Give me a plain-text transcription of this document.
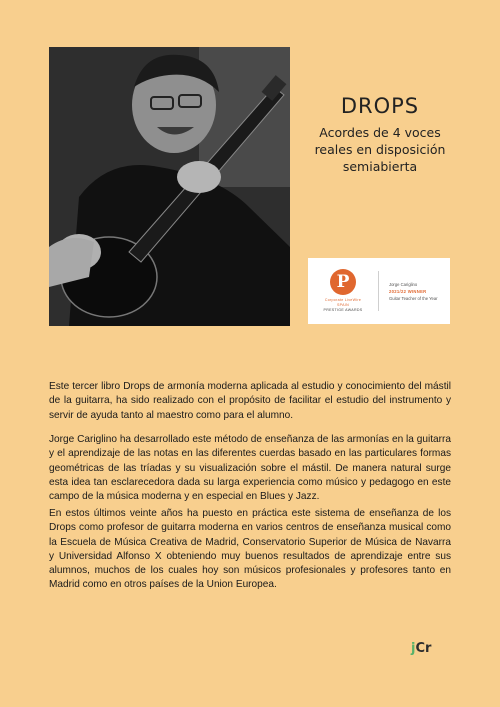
DROPS
Acordes de 4 voces reales en disposición semiabierta
P
Corporate LiveWire
SPAIN
PRESTIGE AWARDS
Jorge Cariglino
2021/22 WINNER
Guitar Teacher of the Year

Este tercer libro Drops de armonía moderna aplicada al estudio y conocimiento del mástil de la guitarra, ha sido realizado con el propósito de facilitar el estudio del instrumento y servir de ayuda tanto al maestro como para el alumno.

Jorge Cariglino ha desarrollado este método de enseñanza de las armonías en la guitarra y el aprendizaje de las notas en las diferentes cuerdas basado en las particulares formas geométricas de las tríadas y su visualización sobre el mástil. De manera natural surge esta idea tan esclarecedora dada su larga experiencia como músico y pedagogo en este campo de la música moderna y en especial en Blues y Jazz.

En estos últimos veinte años ha puesto en práctica este sistema de enseñanza de los Drops como profesor de guitarra moderna en varios centros de enseñanza musical como la Escuela de Música Creativa de Madrid, Conservatorio Superior de Música de Navarra y Universidad Alfonso X obteniendo muy buenos resultados de aprendizaje entre sus alumnos, muchos de los cuales hoy son músicos profesionales y profesores tanto en Madrid como en otros países de la Union Europea.

jCr
